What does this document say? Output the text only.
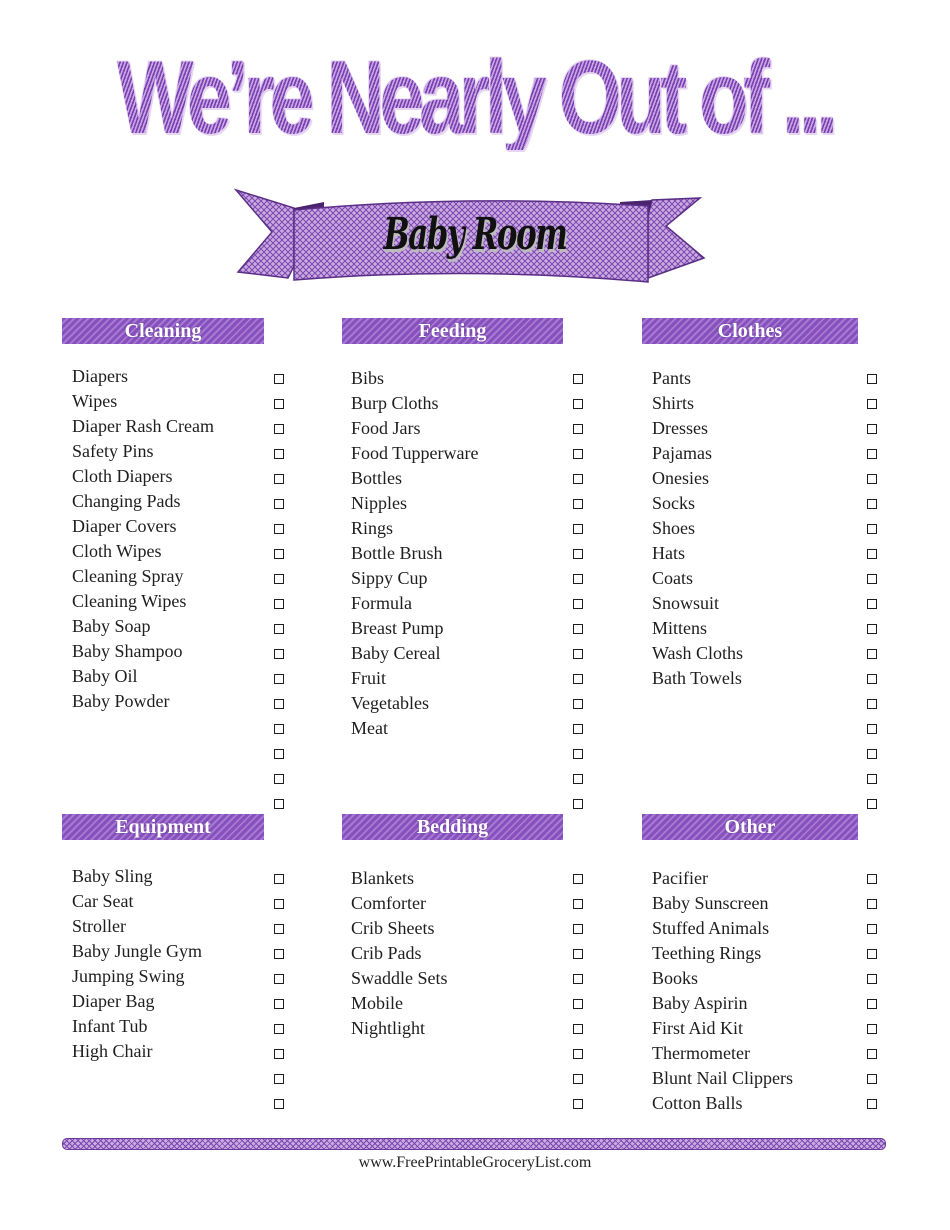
We’re Nearly Out of ...
Baby Room
Cleaning
Diapers
Wipes
Diaper Rash Cream
Safety Pins
Cloth Diapers
Changing Pads
Diaper Covers
Cloth Wipes
Cleaning Spray
Cleaning Wipes
Baby Soap
Baby Shampoo
Baby Oil
Baby Powder
Feeding
Bibs
Burp Cloths
Food Jars
Food Tupperware
Bottles
Nipples
Rings
Bottle Brush
Sippy Cup
Formula
Breast Pump
Baby Cereal
Fruit
Vegetables
Meat
Clothes
Pants
Shirts
Dresses
Pajamas
Onesies
Socks
Shoes
Hats
Coats
Snowsuit
Mittens
Wash Cloths
Bath Towels
Equipment
Baby Sling
Car Seat
Stroller
Baby Jungle Gym
Jumping Swing
Diaper Bag
Infant Tub
High Chair
Bedding
Blankets
Comforter
Crib Sheets
Crib Pads
Swaddle Sets
Mobile
Nightlight
Other
Pacifier
Baby Sunscreen
Stuffed Animals
Teething Rings
Books
Baby Aspirin
First Aid Kit
Thermometer
Blunt Nail Clippers
Cotton Balls
www.FreePrintableGroceryList.com
